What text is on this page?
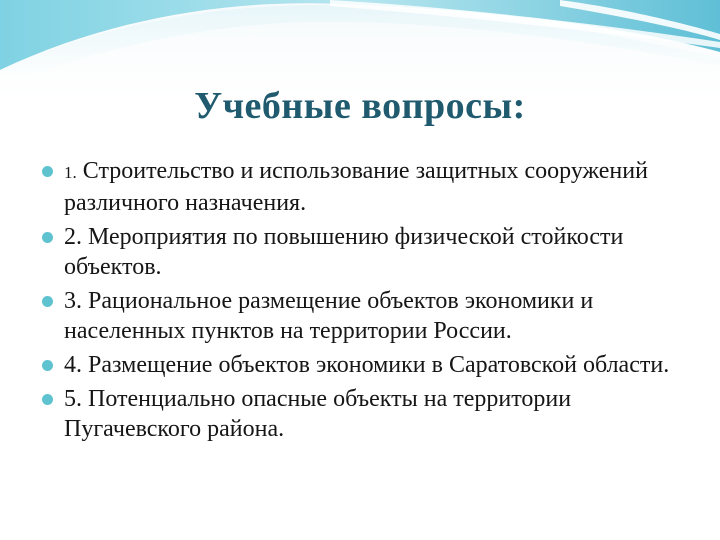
Учебные вопросы:
1. Строительство и использование защитных сооружений различного назначения.
2. Мероприятия по повышению физической стойкости объектов.
3. Рациональное размещение объектов экономики и населенных пунктов на территории России.
4. Размещение объектов экономики в Саратовской области.
5. Потенциально опасные объекты на территории Пугачевского района.
